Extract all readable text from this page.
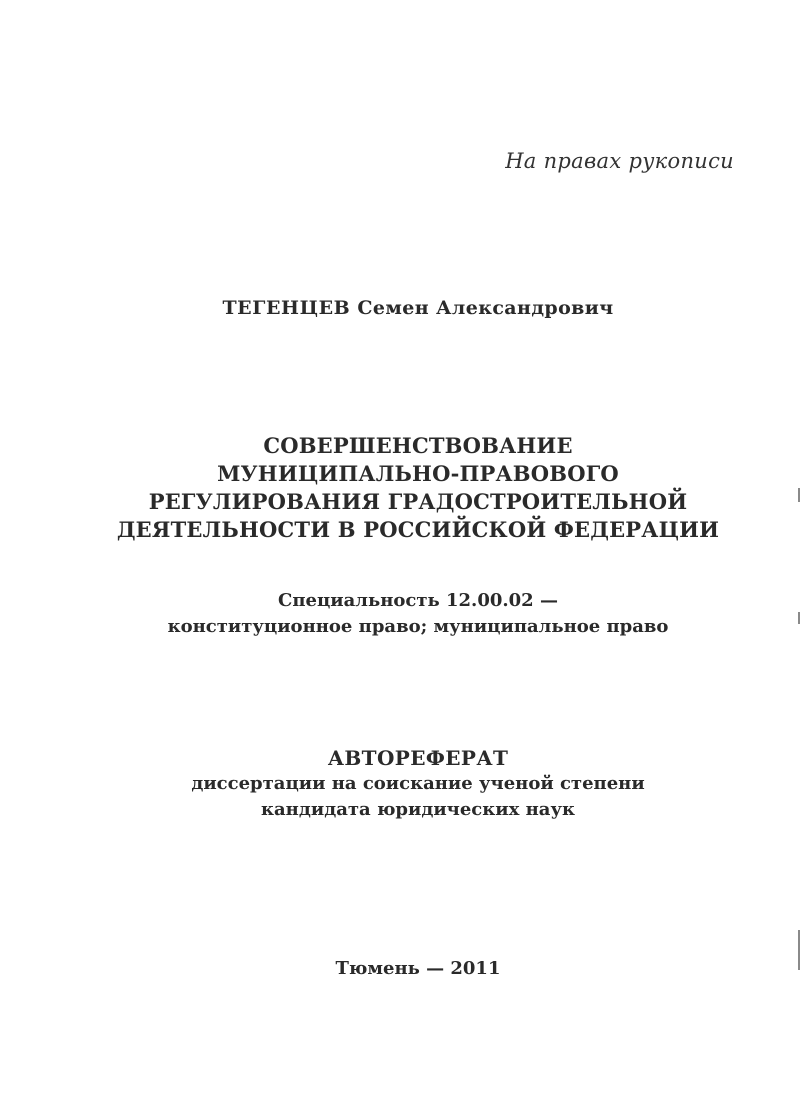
На правах рукописи
ТЕГЕНЦЕВ Семен Александрович
СОВЕРШЕНСТВОВАНИЕ
МУНИЦИПАЛЬНО-ПРАВОВОГО
РЕГУЛИРОВАНИЯ ГРАДОСТРОИТЕЛЬНОЙ
ДЕЯТЕЛЬНОСТИ В РОССИЙСКОЙ ФЕДЕРАЦИИ
Специальность 12.00.02 —
конституционное право; муниципальное право
АВТОРЕФЕРАТ
диссертации на соискание ученой степени
кандидата юридических наук
Тюмень — 2011
